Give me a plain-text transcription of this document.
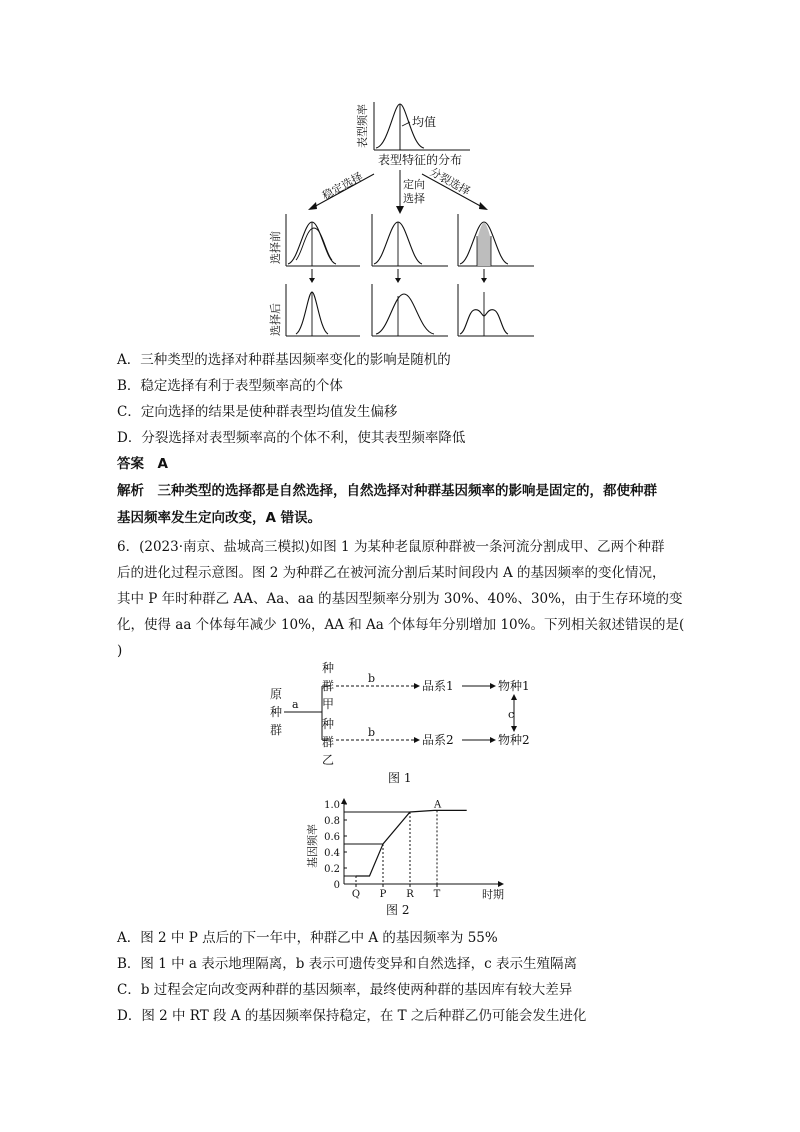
均值
表型频率
表型特征的分布
稳定选择	定向
选择
分裂选择
选择前
选择后
A．三种类型的选择对种群基因频率变化的影响是随机的
B．稳定选择有利于表型频率高的个体
C．定向选择的结果是使种群表型均值发生偏移
D．分裂选择对表型频率高的个体不利，使其表型频率降低
答案　A
解析　三种类型的选择都是自然选择，自然选择对种群基因频率的影响是固定的，都使种群
基因频率发生定向改变，A 错误。
6．(2023·南京、盐城高三模拟)如图 1 为某种老鼠原种群被一条河流分割成甲、乙两个种群
后的进化过程示意图。图 2 为种群乙在被河流分割后某时间段内 A 的基因频率的变化情况，
其中 P 年时种群乙 AA、Aa、aa 的基因型频率分别为 30%、40%、30%，由于生存环境的变
化，使得 aa 个体每年减少 10%，AA 和 Aa 个体每年分别增加 10%。下列相关叙述错误的是(
)
原
种
群
a
种
群
甲
种
群
乙
b
品系1	物种1
b
品系2	物种2
c
图 1
基因频率
时期
图 2
0
0.2
0.4
0.6
0.8
1.0
Q P R T
A
A．图 2 中 P 点后的下一年中，种群乙中 A 的基因频率为 55%
B．图 1 中 a 表示地理隔离，b 表示可遗传变异和自然选择，c 表示生殖隔离
C．b 过程会定向改变两种群的基因频率，最终使两种群的基因库有较大差异
D．图 2 中 RT 段 A 的基因频率保持稳定，在 T 之后种群乙仍可能会发生进化
